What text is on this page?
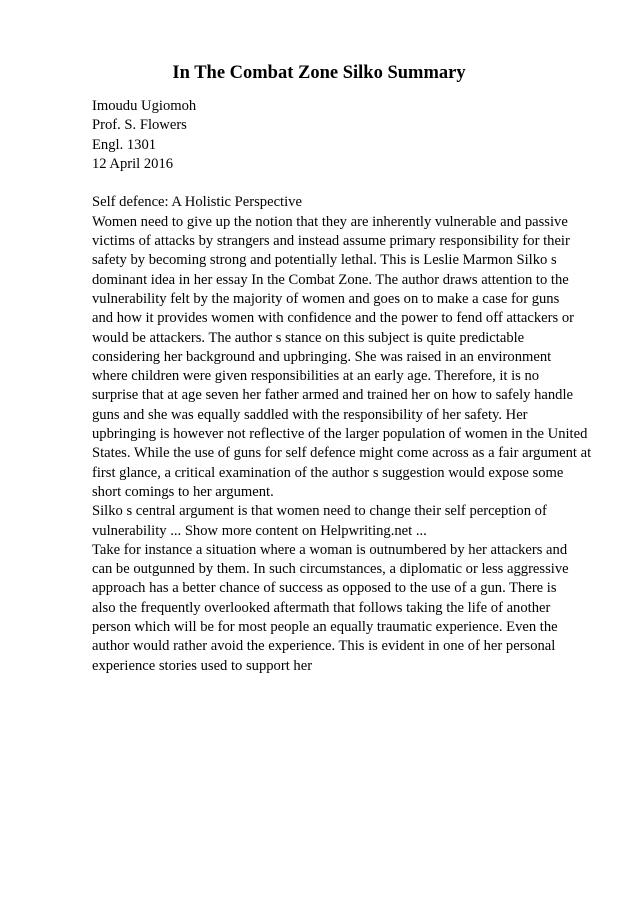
In The Combat Zone Silko Summary
Imoudu Ugiomoh
Prof. S. Flowers
Engl. 1301
12 April 2016
Self defence: A Holistic Perspective
Women need to give up the notion that they are inherently vulnerable and passive
victims of attacks by strangers and instead assume primary responsibility for their
safety by becoming strong and potentially lethal. This is Leslie Marmon Silko s
dominant idea in her essay In the Combat Zone. The author draws attention to the
vulnerability felt by the majority of women and goes on to make a case for guns
and how it provides women with confidence and the power to fend off attackers or
would be attackers. The author s stance on this subject is quite predictable
considering her background and upbringing. She was raised in an environment
where children were given responsibilities at an early age. Therefore, it is no
surprise that at age seven her father armed and trained her on how to safely handle
guns and she was equally saddled with the responsibility of her safety. Her
upbringing is however not reflective of the larger population of women in the United
States. While the use of guns for self defence might come across as a fair argument at
first glance, a critical examination of the author s suggestion would expose some
short comings to her argument.
Silko s central argument is that women need to change their self perception of
vulnerability ... Show more content on Helpwriting.net ...
Take for instance a situation where a woman is outnumbered by her attackers and
can be outgunned by them. In such circumstances, a diplomatic or less aggressive
approach has a better chance of success as opposed to the use of a gun. There is
also the frequently overlooked aftermath that follows taking the life of another
person which will be for most people an equally traumatic experience. Even the
author would rather avoid the experience. This is evident in one of her personal
experience stories used to support her
